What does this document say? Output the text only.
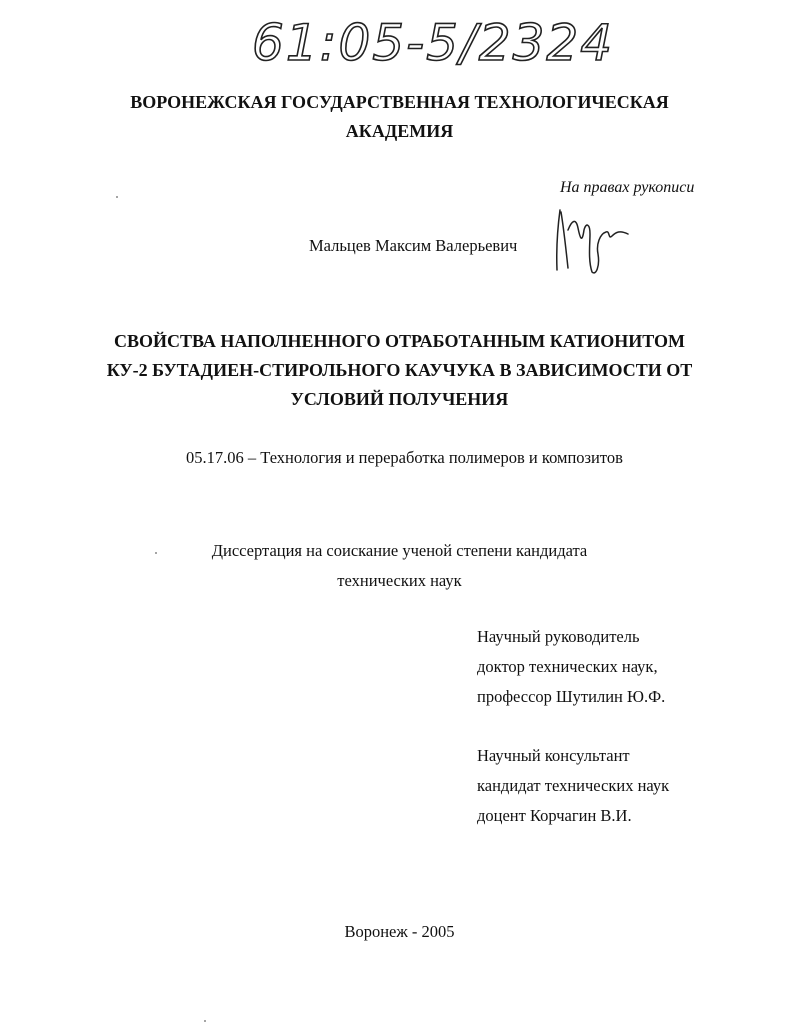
61:05-5/2324
ВОРОНЕЖСКАЯ ГОСУДАРСТВЕННАЯ ТЕХНОЛОГИЧЕСКАЯ
АКАДЕМИЯ
На правах рукописи
Мальцев Максим Валерьевич
СВОЙСТВА НАПОЛНЕННОГО ОТРАБОТАННЫМ КАТИОНИТОМ
КУ-2 БУТАДИЕН-СТИРОЛЬНОГО КАУЧУКА В ЗАВИСИМОСТИ ОТ
УСЛОВИЙ ПОЛУЧЕНИЯ
05.17.06 – Технология и переработка полимеров и композитов
Диссертация на соискание ученой степени кандидата
технических наук
Научный руководитель
доктор технических наук,
профессор Шутилин Ю.Ф.
Научный консультант
кандидат технических наук
доцент Корчагин В.И.
Воронеж - 2005
